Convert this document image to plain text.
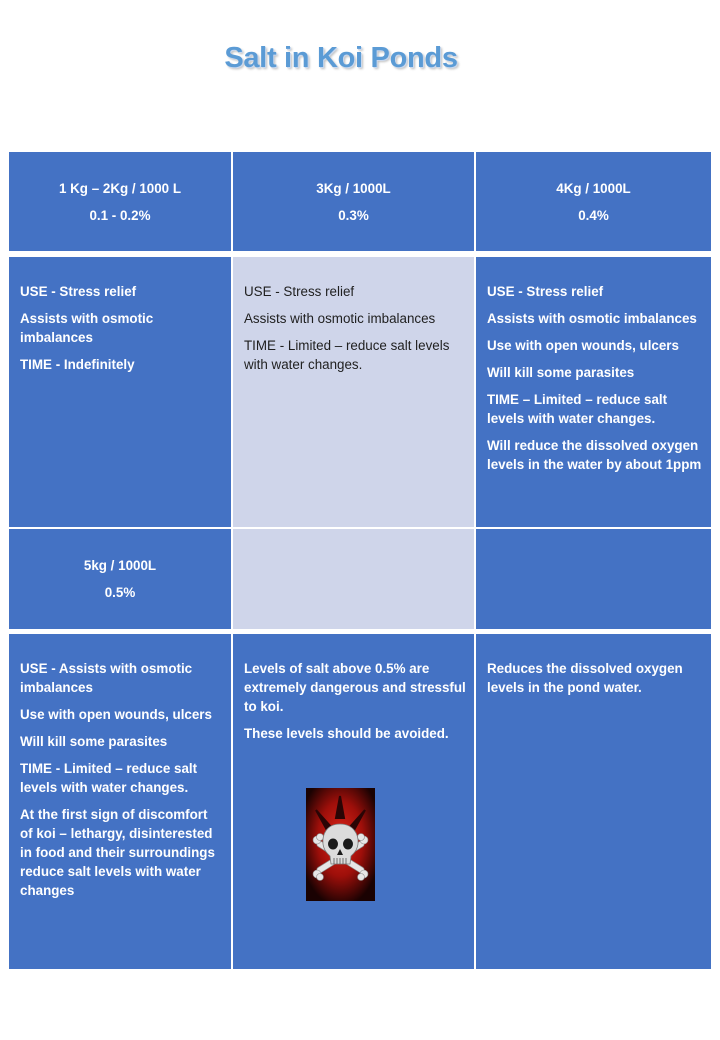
Salt in Koi Ponds

1 Kg – 2Kg / 1000 L

0.1 - 0.2%

3Kg / 1000L

0.3%

4Kg / 1000L

0.4%

USE - Stress relief

Assists with osmotic imbalances

TIME - Indefinitely

USE - Stress relief

Assists with osmotic imbalances

TIME - Limited – reduce salt levels with water changes.

USE - Stress relief

Assists with osmotic imbalances

Use with open wounds, ulcers

Will kill some parasites

TIME – Limited – reduce salt levels with water changes.

Will reduce the dissolved oxygen levels in the water by about 1ppm

5kg / 1000L

0.5%

USE - Assists with osmotic imbalances

Use with open wounds, ulcers

Will kill some parasites

TIME - Limited – reduce salt levels with water changes.

At the first sign of discomfort of koi – lethargy, disinterested in food and their surroundings reduce salt levels with water changes

Levels of salt above 0.5% are extremely dangerous and stressful to koi.

These levels should be avoided.

Reduces the dissolved oxygen levels in the pond water.
